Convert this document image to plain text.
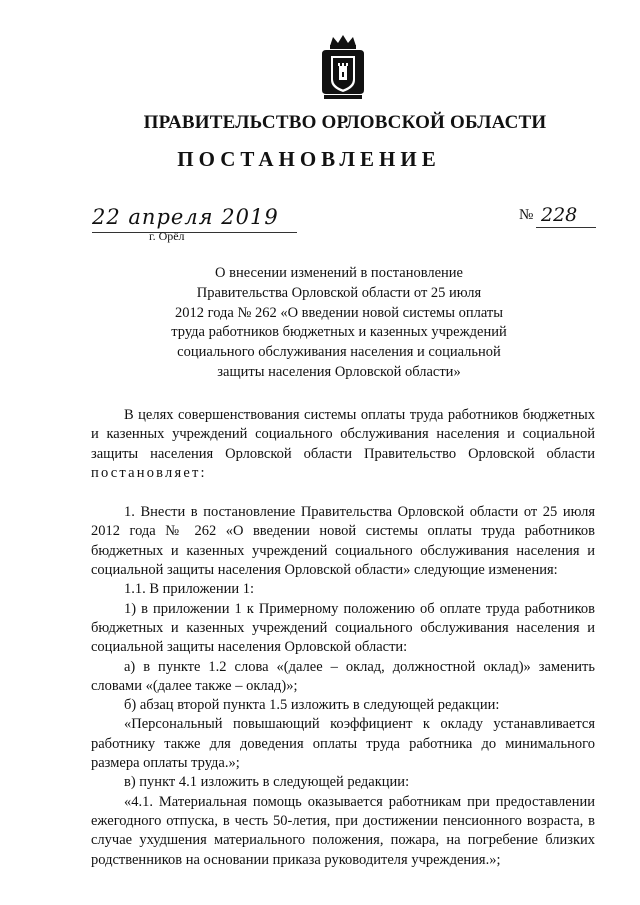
ПРАВИТЕЛЬСТВО ОРЛОВСКОЙ ОБЛАСТИ
ПОСТАНОВЛЕНИЕ
22 апреля 2019
г. Орёл
№ 228
О внесении изменений в постановление
Правительства Орловской области от 25 июля
2012 года № 262 «О введении новой системы оплаты
труда работников бюджетных и казенных учреждений
социального обслуживания населения и социальной
защиты населения Орловской области»

В целях совершенствования системы оплаты труда работников бюджетных и казенных учреждений социального обслуживания населения и социальной защиты населения Орловской области Правительство Орловской области постановляет:

1. Внести в постановление Правительства Орловской области от 25 июля 2012 года № 262 «О введении новой системы оплаты труда работников бюджетных и казенных учреждений социального обслуживания населения и социальной защиты населения Орловской области» следующие изменения:

1.1. В приложении 1:

1) в приложении 1 к Примерному положению об оплате труда работников бюджетных и казенных учреждений социального обслуживания населения и социальной защиты населения Орловской области:

а) в пункте 1.2 слова «(далее – оклад, должностной оклад)» заменить словами «(далее также – оклад)»;

б) абзац второй пункта 1.5 изложить в следующей редакции:

«Персональный повышающий коэффициент к окладу устанавливается работнику также для доведения оплаты труда работника до минимального размера оплаты труда.»;

в) пункт 4.1 изложить в следующей редакции:

«4.1. Материальная помощь оказывается работникам при предоставлении ежегодного отпуска, в честь 50-летия, при достижении пенсионного возраста, в случае ухудшения материального положения, пожара, на погребение близких родственников на основании приказа руководителя учреждения.»;
